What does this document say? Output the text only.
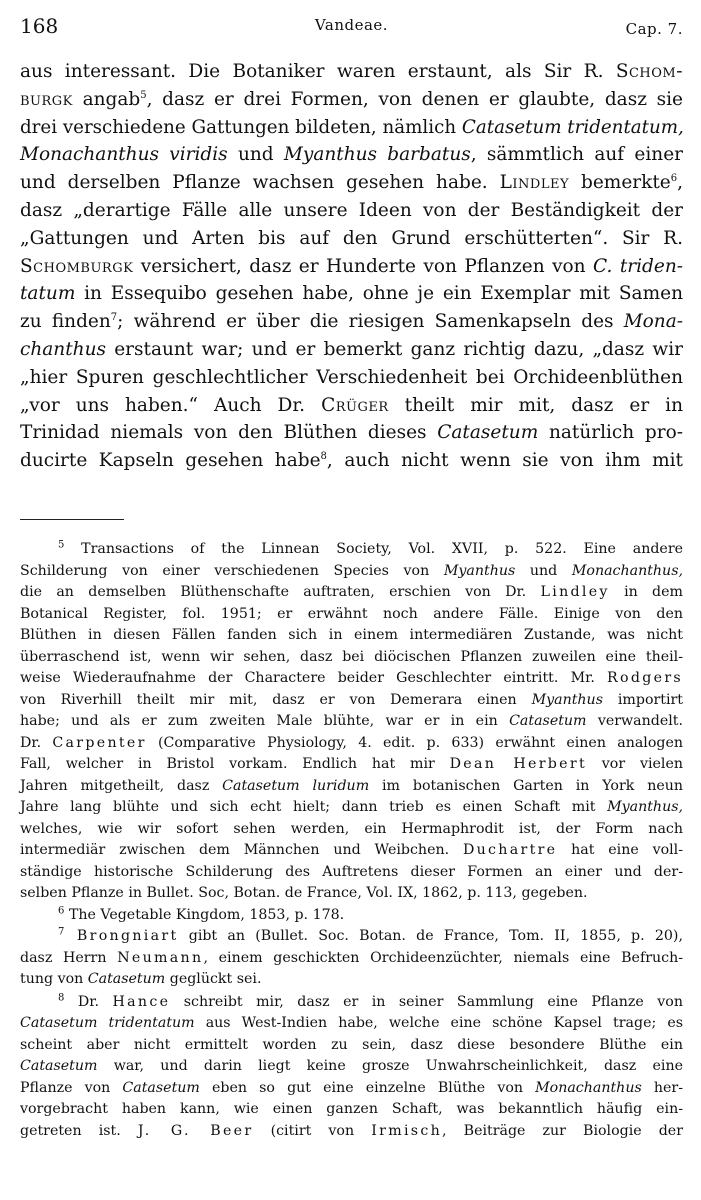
168	Vandeae.	Cap. 7.
aus interessant. Die Botaniker waren erstaunt, als Sir R. Schom-
burgk angab$^5$, dasz er drei Formen, von denen er glaubte, dasz sie
drei verschiedene Gattungen bildeten, nämlich Catasetum tridentatum,
Monachanthus viridis und Myanthus barbatus, sämmtlich auf einer
und derselben Pflanze wachsen gesehen habe. Lindley bemerkte$^6$,
dasz „derartige Fälle alle unsere Ideen von der Beständigkeit der
„Gattungen und Arten bis auf den Grund erschütterten“. Sir R.
Schomburgk versichert, dasz er Hunderte von Pflanzen von C. triden-
tatum in Essequibo gesehen habe, ohne je ein Exemplar mit Samen
zu finden$^7$; während er über die riesigen Samenkapseln des Mona-
chanthus erstaunt war; und er bemerkt ganz richtig dazu, „dasz wir
„hier Spuren geschlechtlicher Verschiedenheit bei Orchideenblüthen
„vor uns haben.“ Auch Dr. Crüger theilt mir mit, dasz er in
Trinidad niemals von den Blüthen dieses Catasetum natürlich pro-
ducirte Kapseln gesehen habe$^8$, auch nicht wenn sie von ihm mit
$^5$ Transactions of the Linnean Society, Vol. XVII, p. 522. Eine andere
Schilderung von einer verschiedenen Species von Myanthus und Monachanthus,
die an demselben Blüthenschafte auftraten, erschien von Dr. Lindley in dem
Botanical Register, fol. 1951; er erwähnt noch andere Fälle. Einige von den
Blüthen in diesen Fällen fanden sich in einem intermediären Zustande, was nicht
überraschend ist, wenn wir sehen, dasz bei diöcischen Pflanzen zuweilen eine theil-
weise Wiederaufnahme der Charactere beider Geschlechter eintritt. Mr. Rodgers
von Riverhill theilt mir mit, dasz er von Demerara einen Myanthus importirt
habe; und als er zum zweiten Male blühte, war er in ein Catasetum verwandelt.
Dr. Carpenter (Comparative Physiology, 4. edit. p. 633) erwähnt einen analogen
Fall, welcher in Bristol vorkam. Endlich hat mir Dean Herbert vor vielen
Jahren mitgetheilt, dasz Catasetum luridum im botanischen Garten in York neun
Jahre lang blühte und sich echt hielt; dann trieb es einen Schaft mit Myanthus,
welches, wie wir sofort sehen werden, ein Hermaphrodit ist, der Form nach
intermediär zwischen dem Männchen und Weibchen. Duchartre hat eine voll-
ständige historische Schilderung des Auftretens dieser Formen an einer und der-
selben Pflanze in Bullet. Soc, Botan. de France, Vol. IX, 1862, p. 113, gegeben.
$^6$ The Vegetable Kingdom, 1853, p. 178.
$^7$ Brongniart gibt an (Bullet. Soc. Botan. de France, Tom. II, 1855, p. 20),
dasz Herrn Neumann, einem geschickten Orchideenzüchter, niemals eine Befruch-
tung von Catasetum geglückt sei.
$^8$ Dr. Hance schreibt mir, dasz er in seiner Sammlung eine Pflanze von
Catasetum tridentatum aus West-Indien habe, welche eine schöne Kapsel trage; es
scheint aber nicht ermittelt worden zu sein, dasz diese besondere Blüthe ein
Catasetum war, und darin liegt keine grosze Unwahrscheinlichkeit, dasz eine
Pflanze von Catasetum eben so gut eine einzelne Blüthe von Monachanthus her-
vorgebracht haben kann, wie einen ganzen Schaft, was bekanntlich häufig ein-
getreten ist. J. G. Beer (citirt von Irmisch, Beiträge zur Biologie der
